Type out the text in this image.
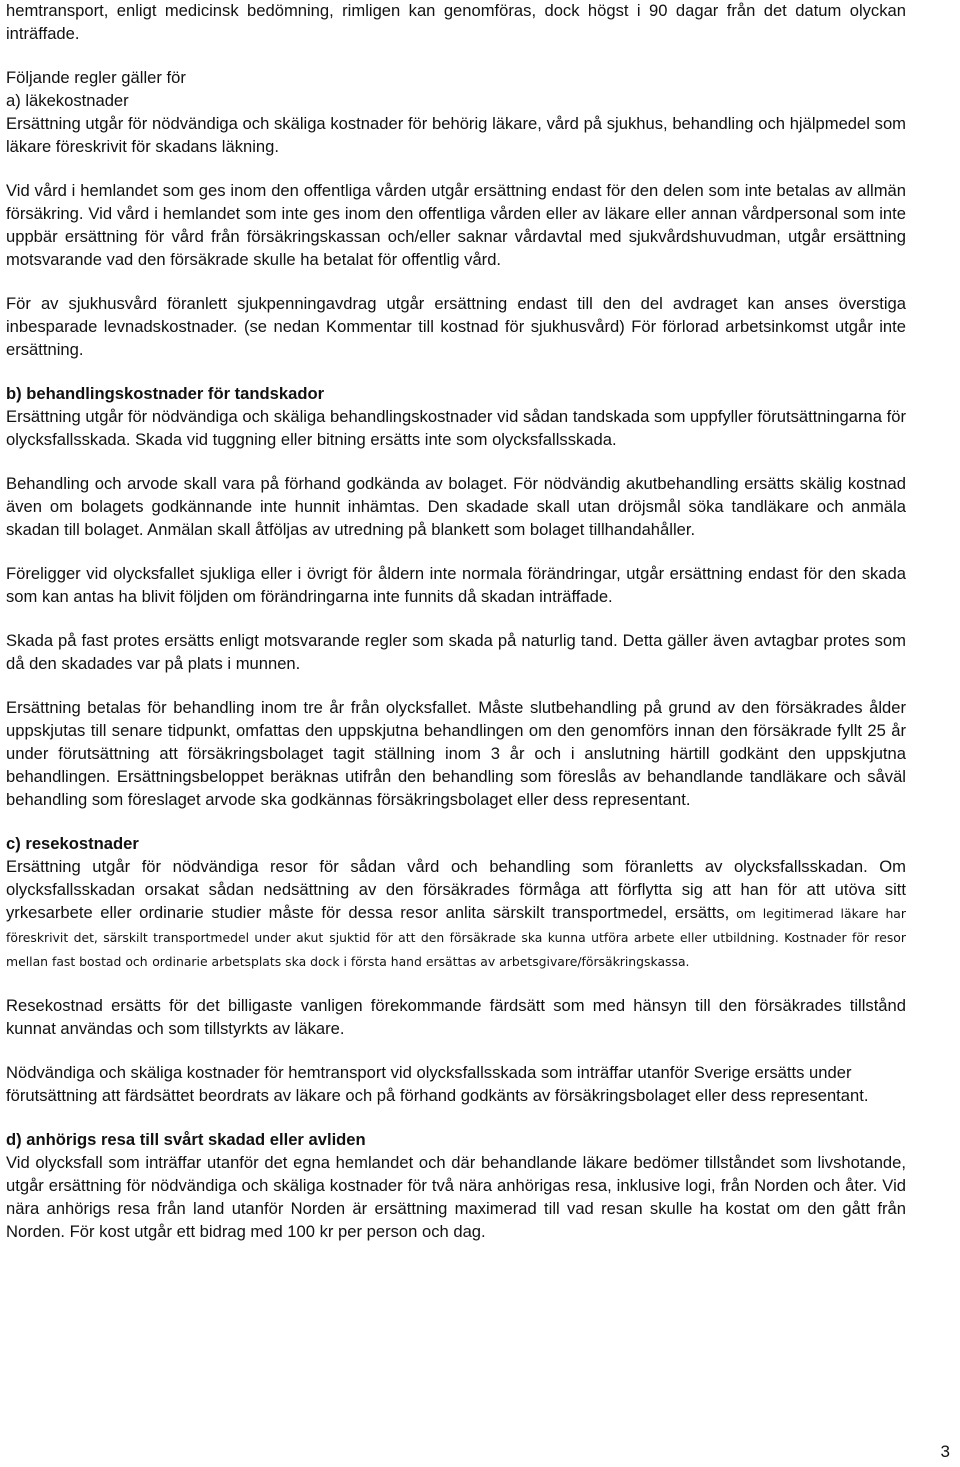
hemtransport, enligt medicinsk bedömning, rimligen kan genomföras, dock högst i 90 dagar från det datum olyckan inträffade.

Följande regler gäller för

a) läkekostnader

Ersättning utgår för nödvändiga och skäliga kostnader för behörig läkare, vård på sjukhus, behandling och hjälpmedel som läkare föreskrivit för skadans läkning.

Vid vård i hemlandet som ges inom den offentliga vården utgår ersättning endast för den delen som inte betalas av allmän försäkring. Vid vård i hemlandet som inte ges inom den offentliga vården eller av läkare eller annan vårdpersonal som inte uppbär ersättning för vård från försäkringskassan och/eller saknar vårdavtal med sjukvårdshuvudman, utgår ersättning motsvarande vad den försäkrade skulle ha betalat för offentlig vård.

För av sjukhusvård föranlett sjukpenningavdrag utgår ersättning endast till den del avdraget kan anses överstiga inbesparade levnadskostnader. (se nedan Kommentar till kostnad för sjukhusvård) För förlorad arbetsinkomst utgår inte ersättning.

b) behandlingskostnader för tandskador

Ersättning utgår för nödvändiga och skäliga behandlingskostnader vid sådan tandskada som uppfyller förutsättningarna för olycksfallsskada. Skada vid tuggning eller bitning ersätts inte som olycksfallsskada.

Behandling och arvode skall vara på förhand godkända av bolaget. För nödvändig akutbehandling ersätts skälig kostnad även om bolagets godkännande inte hunnit inhämtas. Den skadade skall utan dröjsmål söka tandläkare och anmäla skadan till bolaget. Anmälan skall åtföljas av utredning på blankett som bolaget tillhandahåller.

Föreligger vid olycksfallet sjukliga eller i övrigt för åldern inte normala förändringar, utgår ersättning endast för den skada som kan antas ha blivit följden om förändringarna inte funnits då skadan inträffade.

Skada på fast protes ersätts enligt motsvarande regler som skada på naturlig tand. Detta gäller även avtagbar protes som då den skadades var på plats i munnen.

Ersättning betalas för behandling inom tre år från olycksfallet. Måste slutbehandling på grund av den försäkrades ålder uppskjutas till senare tidpunkt, omfattas den uppskjutna behandlingen om den genomförs innan den försäkrade fyllt 25 år under förutsättning att försäkringsbolaget tagit ställning inom 3 år och i anslutning härtill godkänt den uppskjutna behandlingen. Ersättningsbeloppet beräknas utifrån den behandling som föreslås av behandlande tandläkare och såväl behandling som föreslaget arvode ska godkännas försäkringsbolaget eller dess representant.

c) resekostnader

Ersättning utgår för nödvändiga resor för sådan vård och behandling som föranletts av olycksfallsskadan. Om olycksfallsskadan orsakat sådan nedsättning av den försäkrades förmåga att förflytta sig att han för att utöva sitt yrkesarbete eller ordinarie studier måste för dessa resor anlita särskilt transportmedel, ersätts, om legitimerad läkare har föreskrivit det, särskilt transportmedel under akut sjuktid för att den försäkrade ska kunna utföra arbete eller utbildning. Kostnader för resor mellan fast bostad och ordinarie arbetsplats ska dock i första hand ersättas av arbetsgivare/försäkringskassa.

Resekostnad ersätts för det billigaste vanligen förekommande färdsätt som med hänsyn till den försäkrades tillstånd kunnat användas och som tillstyrkts av läkare.

Nödvändiga och skäliga kostnader för hemtransport vid olycksfallsskada som inträffar utanför Sverige ersätts under förutsättning att färdsättet beordrats av läkare och på förhand godkänts av försäkringsbolaget eller dess representant.

d) anhörigs resa till svårt skadad eller avliden

Vid olycksfall som inträffar utanför det egna hemlandet och där behandlande läkare bedömer tillståndet som livshotande, utgår ersättning för nödvändiga och skäliga kostnader för två nära anhörigas resa, inklusive logi, från Norden och åter. Vid nära anhörigs resa från land utanför Norden är ersättning maximerad till vad resan skulle ha kostat om den gått från Norden. För kost utgår ett bidrag med 100 kr per person och dag.

3
